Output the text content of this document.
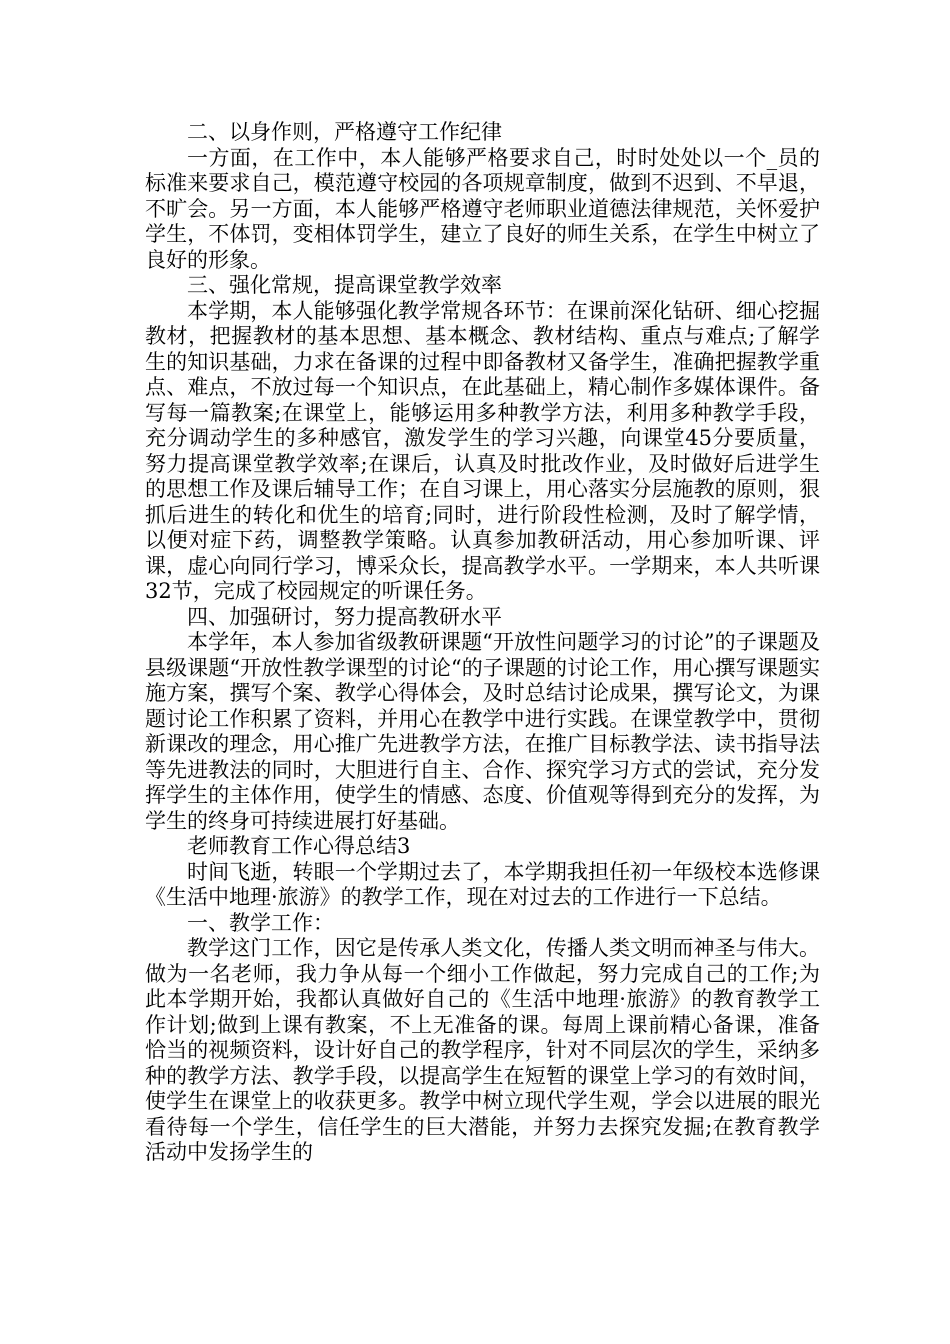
二、以身作则，严格遵守工作纪律

一方面，在工作中，本人能够严格要求自己，时时处处以一个_员的标准来要求自己，模范遵守校园的各项规章制度，做到不迟到、不早退，不旷会。另一方面，本人能够严格遵守老师职业道德法律规范，关怀爱护学生，不体罚，变相体罚学生，建立了良好的师生关系，在学生中树立了良好的形象。

三、强化常规，提高课堂教学效率

本学期，本人能够强化教学常规各环节：在课前深化钻研、细心挖掘教材，把握教材的基本思想、基本概念、教材结构、重点与难点;了解学生的知识基础，力求在备课的过程中即备教材又备学生，准确把握教学重点、难点，不放过每一个知识点，在此基础上，精心制作多媒体课件。备写每一篇教案;在课堂上，能够运用多种教学方法，利用多种教学手段，充分调动学生的多种感官，激发学生的学习兴趣，向课堂45分要质量，努力提高课堂教学效率;在课后，认真及时批改作业，及时做好后进学生的思想工作及课后辅导工作；在自习课上，用心落实分层施教的原则，狠抓后进生的转化和优生的培育;同时，进行阶段性检测，及时了解学情，以便对症下药，调整教学策略。认真参加教研活动，用心参加听课、评课，虚心向同行学习，博采众长，提高教学水平。一学期来，本人共听课32节，完成了校园规定的听课任务。

四、加强研讨，努力提高教研水平

本学年，本人参加省级教研课题“开放性问题学习的讨论”的子课题及县级课题“开放性教学课型的讨论“的子课题的讨论工作，用心撰写课题实施方案，撰写个案、教学心得体会，及时总结讨论成果，撰写论文，为课题讨论工作积累了资料，并用心在教学中进行实践。在课堂教学中，贯彻新课改的理念，用心推广先进教学方法，在推广目标教学法、读书指导法等先进教法的同时，大胆进行自主、合作、探究学习方式的尝试，充分发挥学生的主体作用，使学生的情感、态度、价值观等得到充分的发挥，为学生的终身可持续进展打好基础。

老师教育工作心得总结3

时间飞逝，转眼一个学期过去了，本学期我担任初一年级校本选修课《生活中地理·旅游》的教学工作，现在对过去的工作进行一下总结。

一、教学工作：

教学这门工作，因它是传承人类文化，传播人类文明而神圣与伟大。做为一名老师，我力争从每一个细小工作做起，努力完成自己的工作;为此本学期开始，我都认真做好自己的《生活中地理·旅游》的教育教学工作计划;做到上课有教案，不上无准备的课。每周上课前精心备课，准备恰当的视频资料，设计好自己的教学程序，针对不同层次的学生，采纳多种的教学方法、教学手段，以提高学生在短暂的课堂上学习的有效时间，使学生在课堂上的收获更多。教学中树立现代学生观，学会以进展的眼光看待每一个学生，信任学生的巨大潜能，并努力去探究发掘;在教育教学活动中发扬学生的
